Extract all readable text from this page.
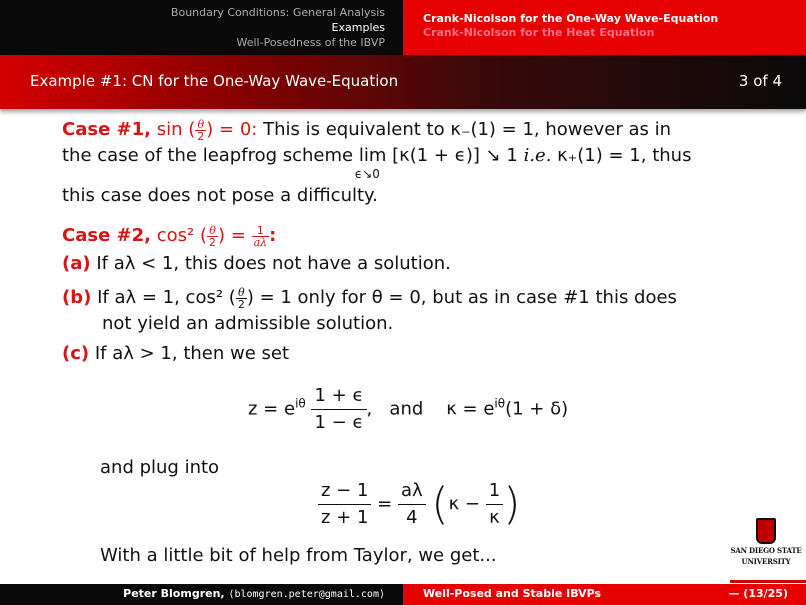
Boundary Conditions: General Analysis
Examples
Well-Posedness of the IBVP
Crank-Nicolson for the One-Way Wave-Equation
Crank-Nicolson for the Heat Equation
Example #1: CN for the One-Way Wave-Equation	3 of 4
Case #1, sin ( $\frac{\theta}{2}$ ) = 0: This is equivalent to κ₋(1) = 1, however as in
the case of the leapfrog scheme lim
ϵ↘0
[κ(1 + ϵ)] ↘ 1 i.e. κ₊(1) = 1, thus
this case does not pose a difficulty.
Case #2, cos² ( $\frac{\theta}{2}$ ) = $\frac{1}{a\lambda}$ :
(a) If aλ < 1, this does not have a solution.
(b) If aλ = 1, cos² ( $\frac{\theta}{2}$ ) = 1 only for θ = 0, but as in case #1 this does
not yield an admissible solution.
(c) If aλ > 1, then we set
$z = e^{i\theta} \frac{1 + \epsilon}{1 - \epsilon}$ ,   and    $\kappa = e^{i\theta}(1 + \delta)$
and plug into
$\frac{z - 1}{z + 1} = \frac{a\lambda}{4} (\kappa - \frac{1}{\kappa}$ )
With a little bit of help from Taylor, we get...	SAN DIEGO STATE
UNIVERSITY
Peter Blomgren, ⟨blomgren.peter@gmail.com⟩	Well-Posed and Stable IBVPs	— (13/25)
